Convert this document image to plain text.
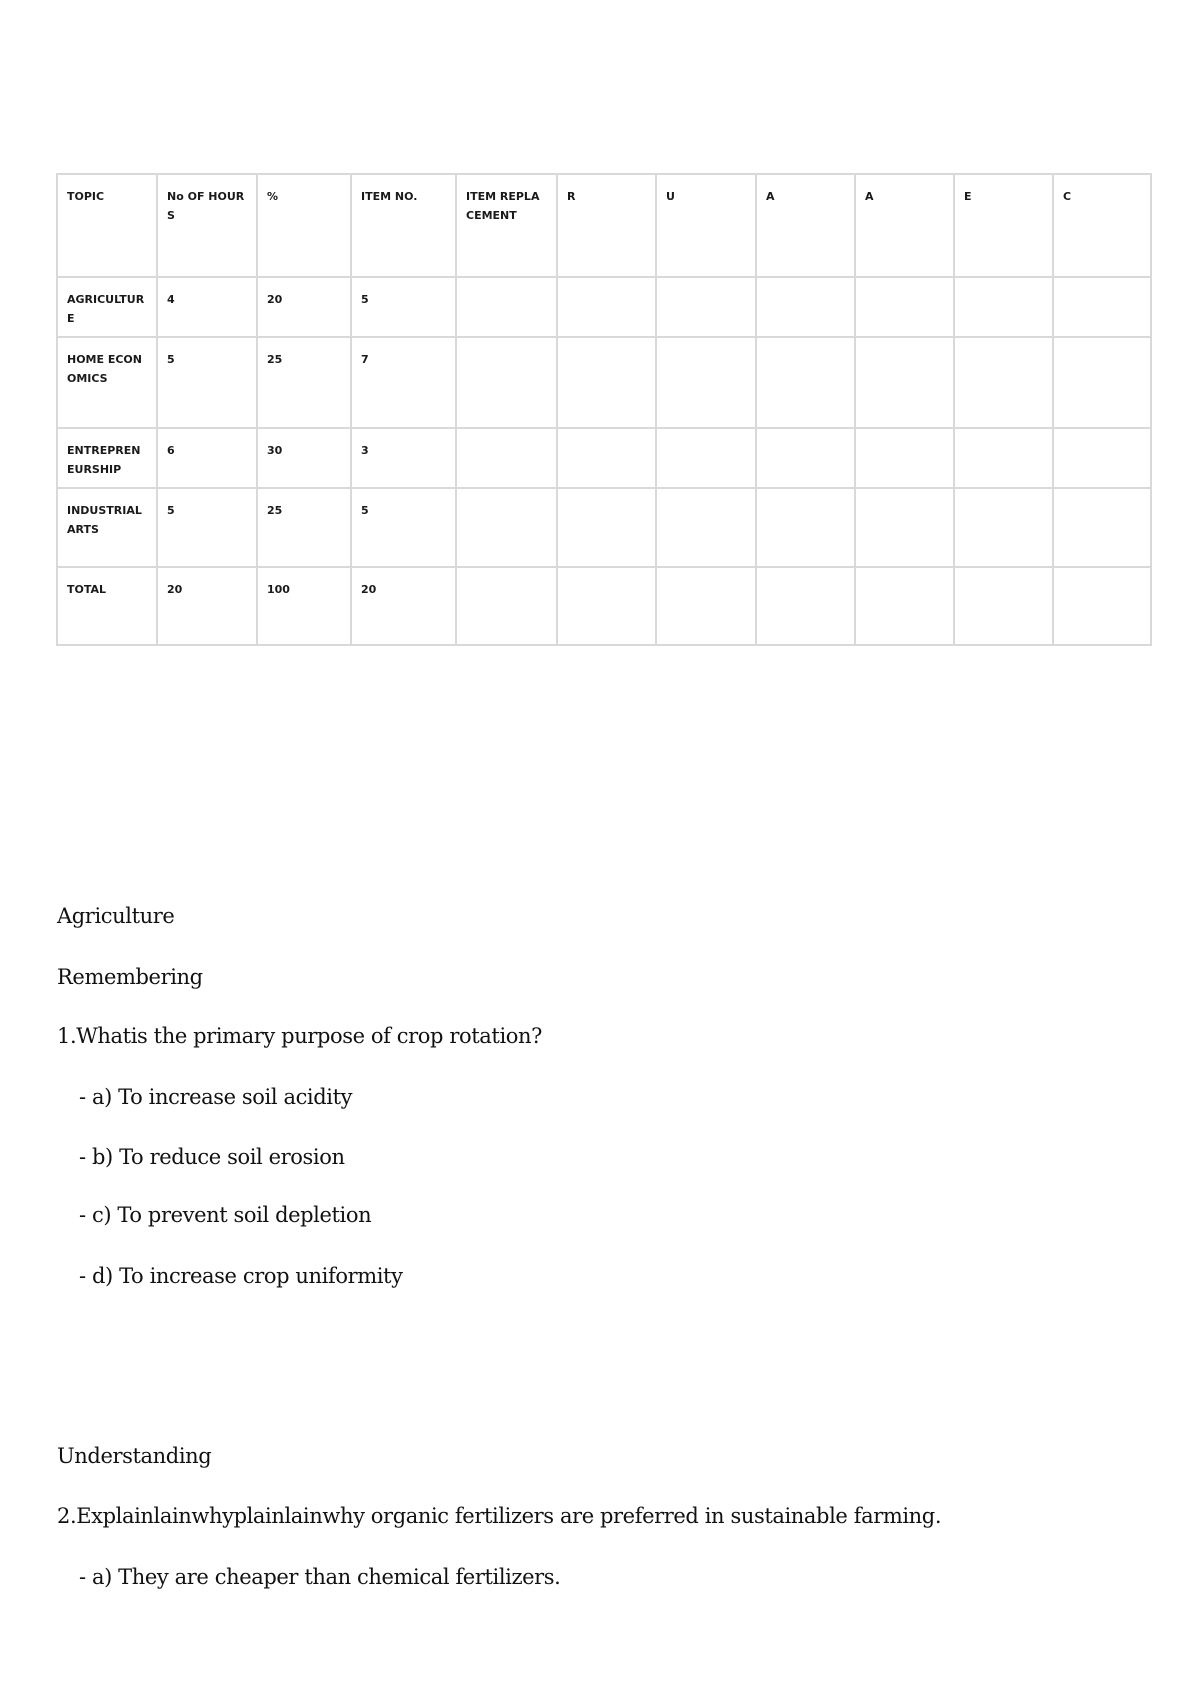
TOPIC	No OF HOURS	%	ITEM NO.	ITEM REPLACEMENT	R	U	A	A	E	C
AGRICULTURE	4	20	5							
HOME ECONOMICS	5	25	7							
ENTREPRENEURSHIP	6	30	3							
INDUSTRIAL ARTS	5	25	5							
TOTAL	20	100	20							
Agriculture
Remembering
1.Whatis the primary purpose of crop rotation?
- a) To increase soil acidity
- b) To reduce soil erosion
- c) To prevent soil depletion
- d) To increase crop uniformity
Understanding
2.Explainlainwhyplainlainwhy organic fertilizers are preferred in sustainable farming.
- a) They are cheaper than chemical fertilizers.
